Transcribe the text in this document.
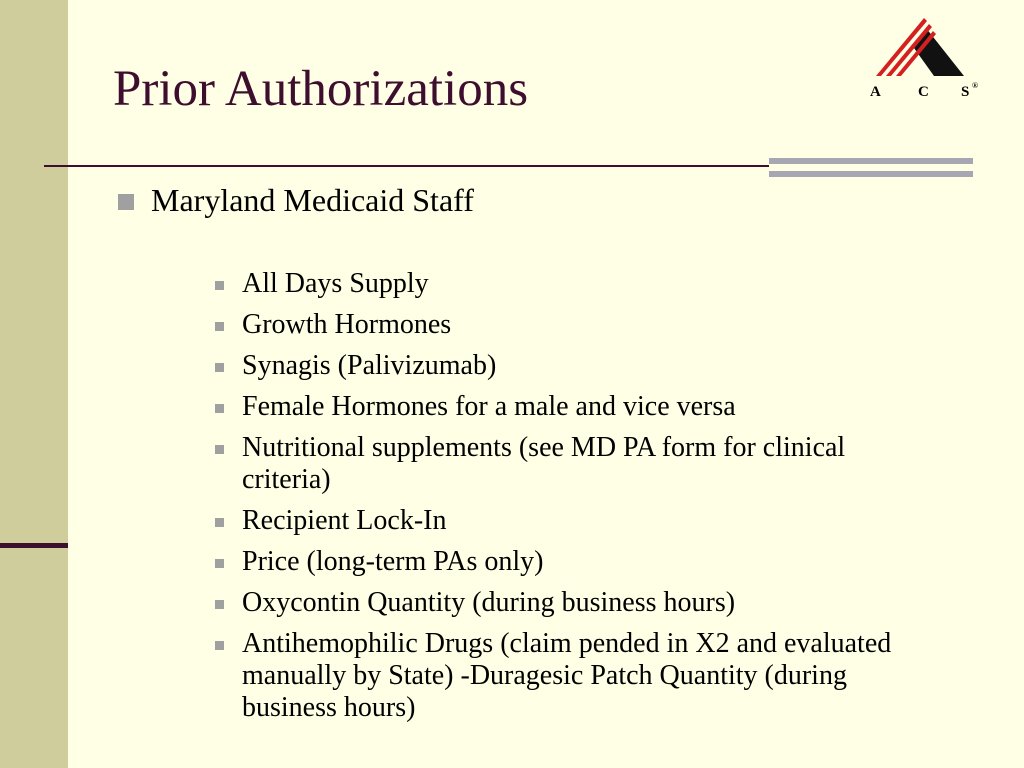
Prior Authorizations	A C S ®
Maryland Medicaid Staff
All Days Supply
Growth Hormones
Synagis (Palivizumab)
Female Hormones for a male and vice versa
Nutritional supplements (see MD PA form for clinical criteria)
Recipient Lock-In
Price (long-term PAs only)
Oxycontin Quantity (during business hours)
Antihemophilic Drugs (claim pended in X2 and evaluated manually by State) -Duragesic Patch Quantity (during business hours)
